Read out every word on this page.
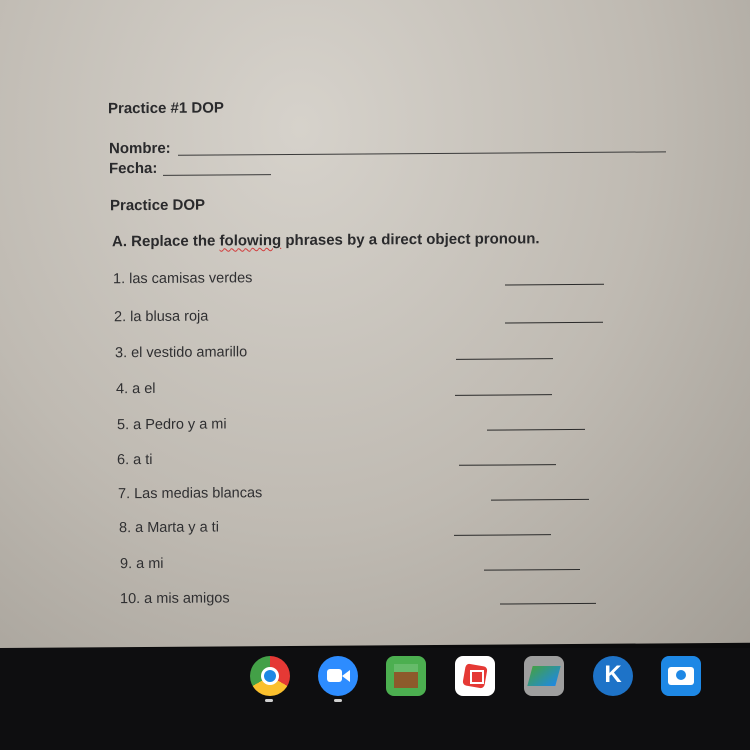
Practice #1 DOP
Nombre:
Fecha:
Practice DOP
A. Replace the folowing phrases by a direct object pronoun.
1. las camisas verdes
2. la blusa roja
3. el vestido amarillo
4. a el
5. a Pedro y a mi
6. a ti
7. Las medias blancas
8. a Marta y a ti
9. a mi
10. a mis amigos
K
